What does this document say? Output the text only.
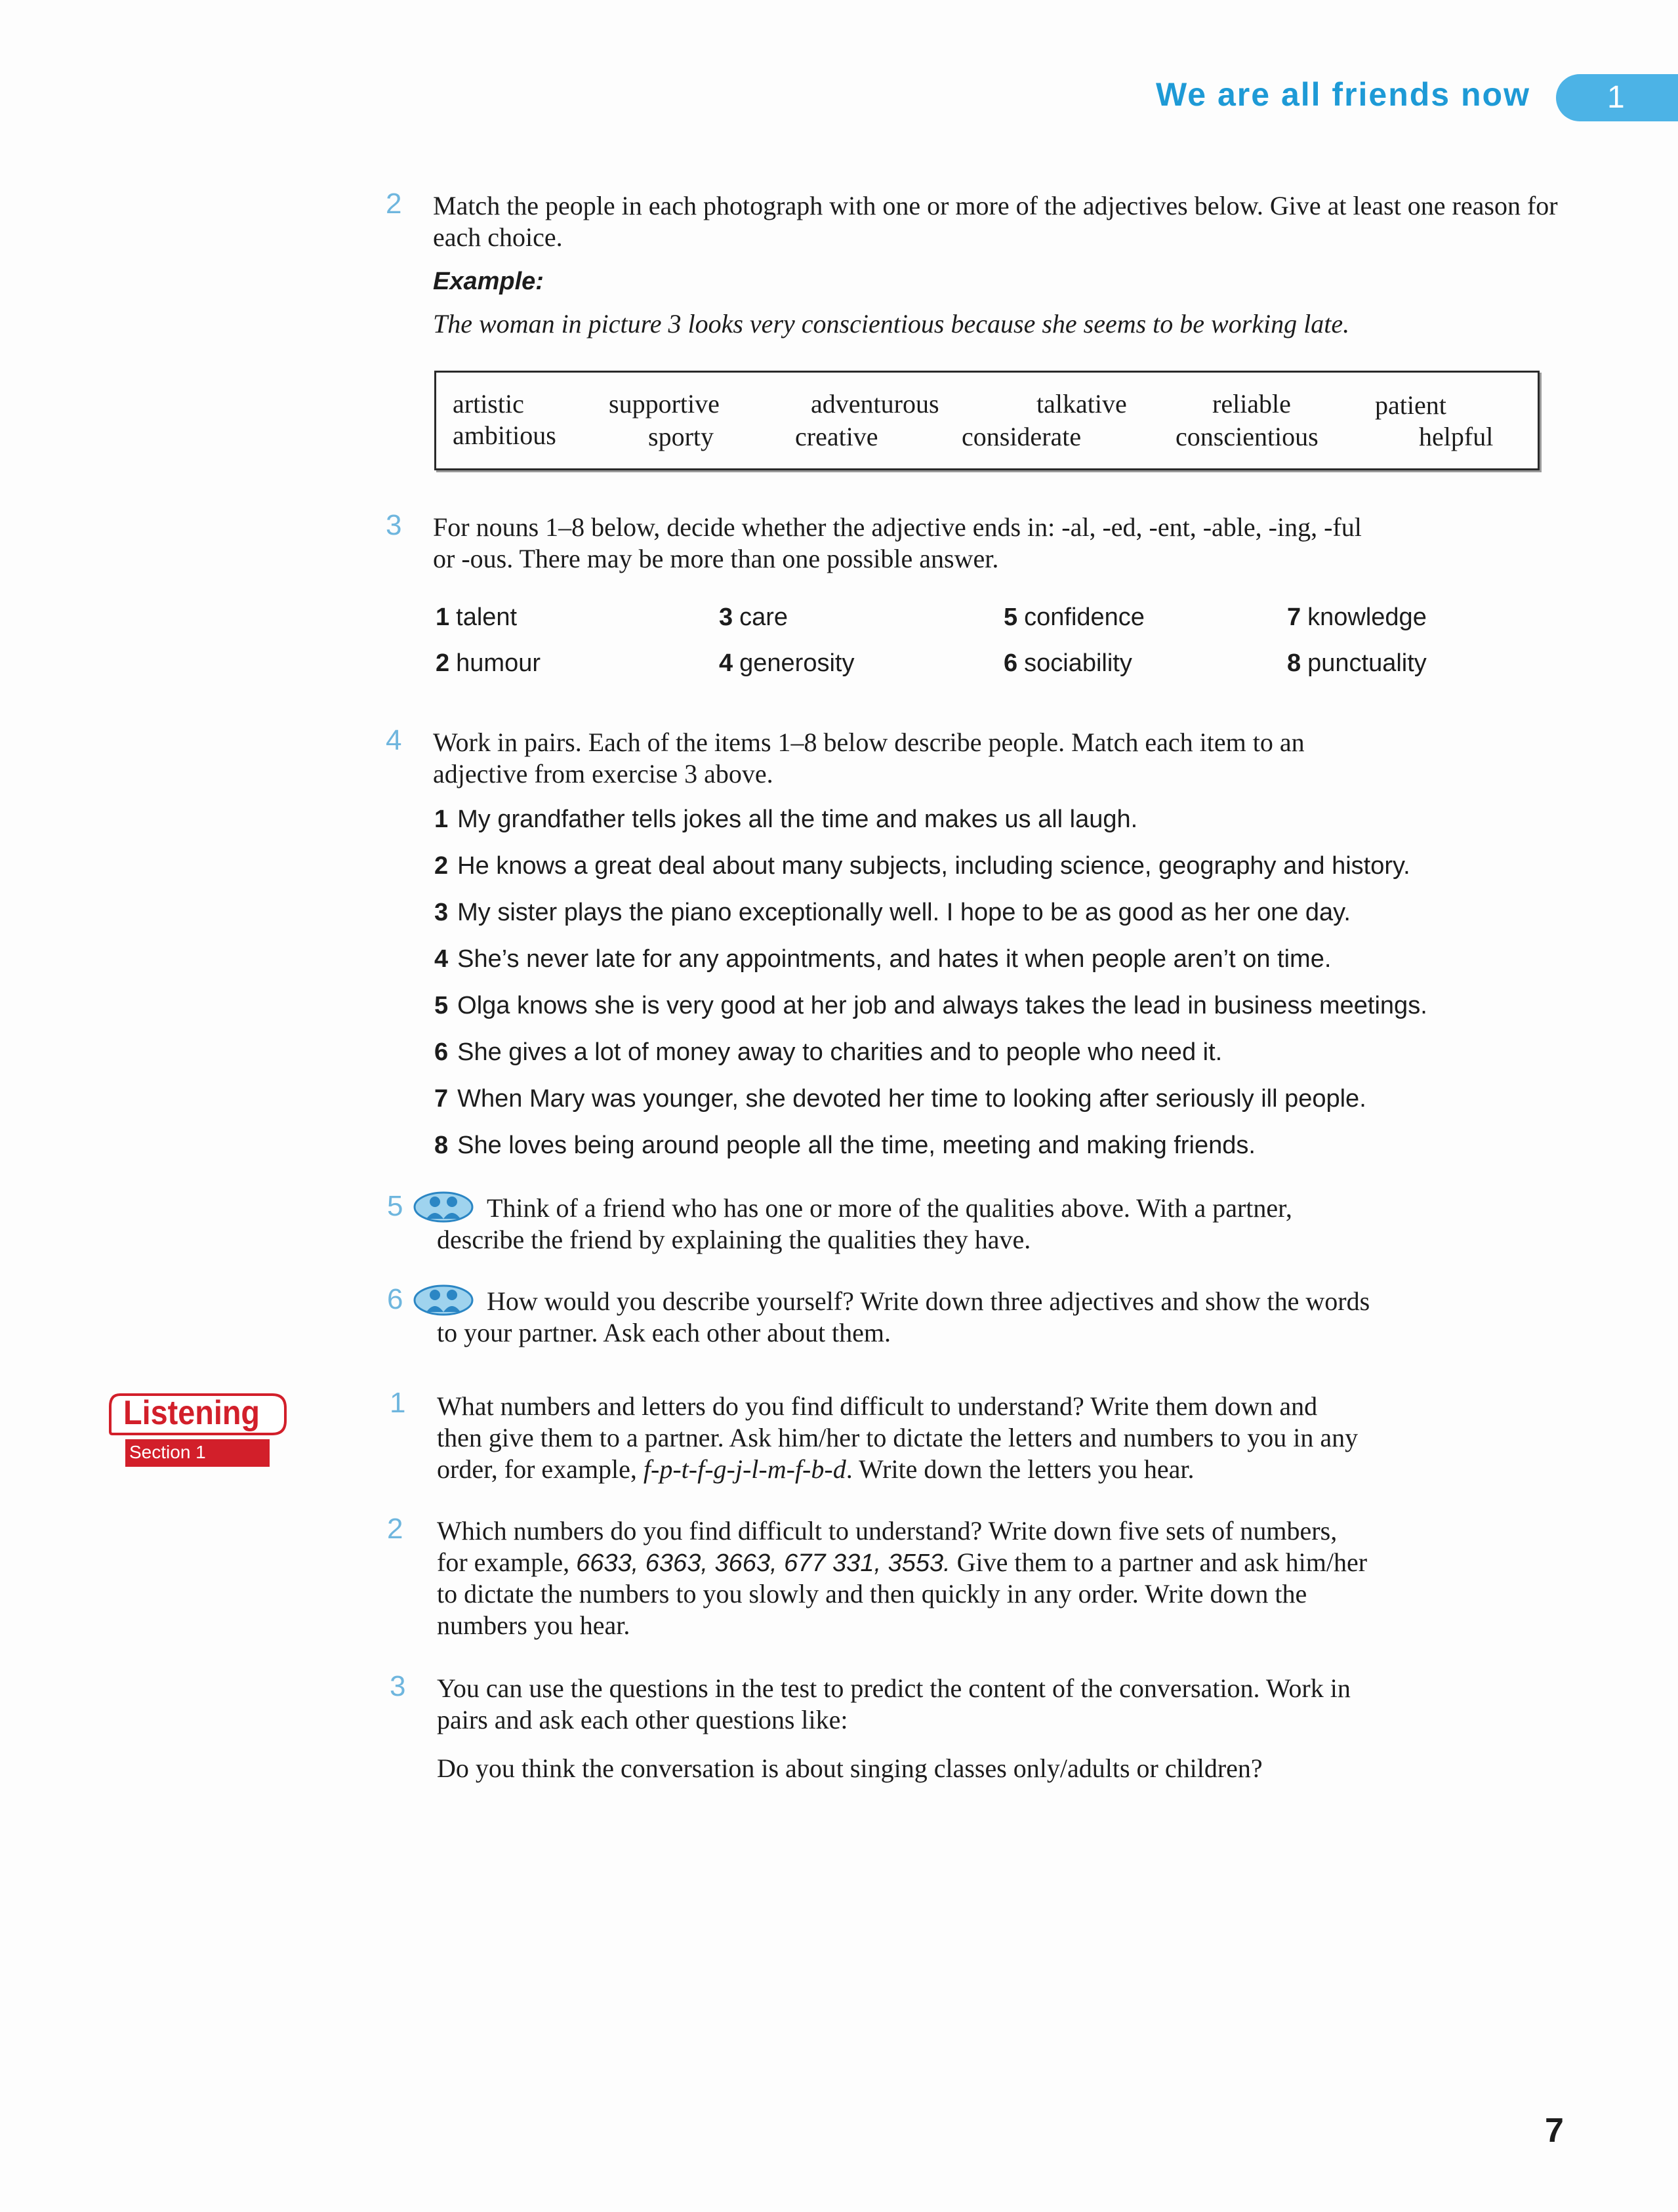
We are all friends now	1
2 Match the people in each photograph with one or more of the adjectives below. Give at least one reason for each choice.
Example:
The woman in picture 3 looks very conscientious because she seems to be working late.
artistic	supportive	adventurous	talkative	reliable	patient
ambitious	sporty	creative	considerate	conscientious	helpful
3 For nouns 1–8 below, decide whether the adjective ends in: -al, -ed, -ent, -able, -ing, -ful
or -ous. There may be more than one possible answer.
1 talent	3 care	5 confidence	7 knowledge
2 humour	4 generosity	6 sociability	8 punctuality
4 Work in pairs. Each of the items 1–8 below describe people. Match each item to an
adjective from exercise 3 above.
1 My grandfather tells jokes all the time and makes us all laugh.
2 He knows a great deal about many subjects, including science, geography and history.
3 My sister plays the piano exceptionally well. I hope to be as good as her one day.
4 She’s never late for any appointments, and hates it when people aren’t on time.
5 Olga knows she is very good at her job and always takes the lead in business meetings.
6 She gives a lot of money away to charities and to people who need it.
7 When Mary was younger, she devoted her time to looking after seriously ill people.
8 She loves being around people all the time, meeting and making friends.
5	Think of a friend who has one or more of the qualities above. With a partner,
describe the friend by explaining the qualities they have.
6	How would you describe yourself? Write down three adjectives and show the words
to your partner. Ask each other about them.
Listening
Section 1
1 What numbers and letters do you find difficult to understand? Write them down and
then give them to a partner. Ask him/her to dictate the letters and numbers to you in any
order, for example, f-p-t-f-g-j-l-m-f-b-d. Write down the letters you hear.
2 Which numbers do you find difficult to understand? Write down five sets of numbers,
for example, 6633, 6363, 3663, 677 331, 3553. Give them to a partner and ask him/her
to dictate the numbers to you slowly and then quickly in any order. Write down the
numbers you hear.
3 You can use the questions in the test to predict the content of the conversation. Work in
pairs and ask each other questions like:
Do you think the conversation is about singing classes only/adults or children?
7
